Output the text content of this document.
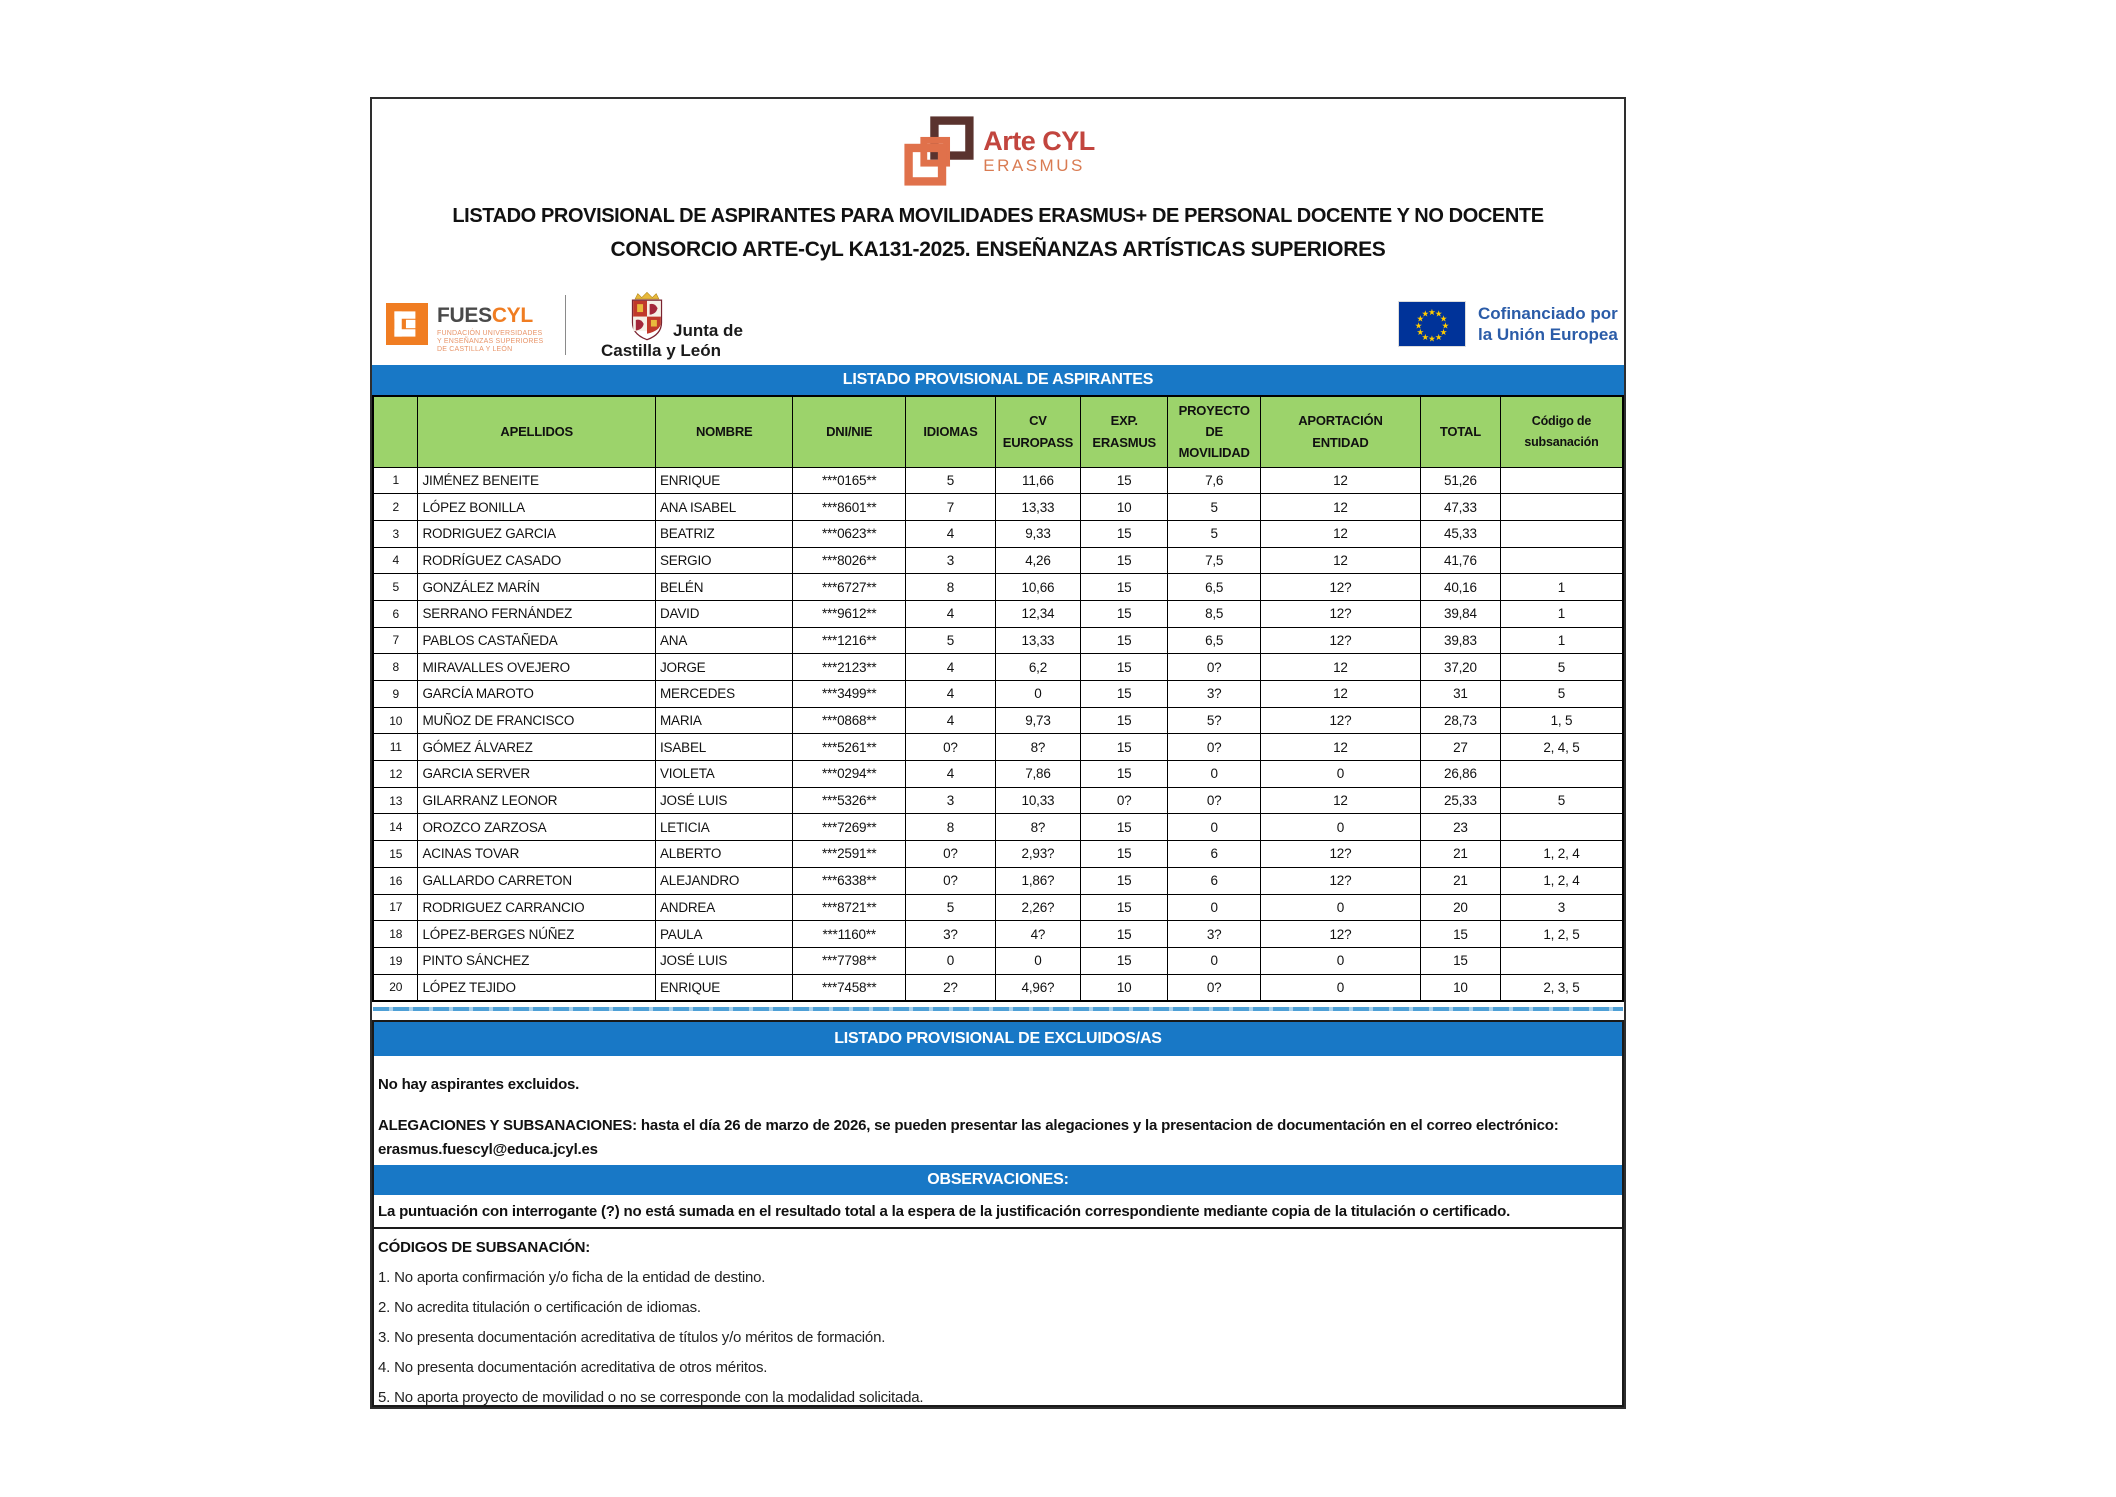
Arte CYL
ERASMUS
LISTADO PROVISIONAL DE ASPIRANTES PARA MOVILIDADES ERASMUS+ DE PERSONAL DOCENTE Y NO DOCENTE
CONSORCIO ARTE-CyL KA131-2025. ENSEÑANZAS ARTÍSTICAS SUPERIORES
FUESCYL
FUNDACIÓN UNIVERSIDADES
Y ENSEÑANZAS SUPERIORES
DE CASTILLA Y LEÓN
Junta de
Castilla y León
★ ★
★
★
★
★
★
★
★
★
★
★	Cofinanciado por
la Unión Europea
LISTADO PROVISIONAL DE ASPIRANTES
	APELLIDOS	NOMBRE	DNI/NIE	IDIOMAS	CV EUROPASS	EXP. ERASMUS	PROYECTO DE MOVILIDAD	APORTACIÓN ENTIDAD	TOTAL	Código de subsanación
1	JIMÉNEZ BENEITE	ENRIQUE	***0165**	5	11,66	15	7,6	12	51,26	
2	LÓPEZ BONILLA	ANA ISABEL	***8601**	7	13,33	10	5	12	47,33	
3	RODRIGUEZ GARCIA	BEATRIZ	***0623**	4	9,33	15	5	12	45,33	
4	RODRÍGUEZ CASADO	SERGIO	***8026**	3	4,26	15	7,5	12	41,76	
5	GONZÁLEZ MARÍN	BELÉN	***6727**	8	10,66	15	6,5	12?	40,16	1
6	SERRANO FERNÁNDEZ	DAVID	***9612**	4	12,34	15	8,5	12?	39,84	1
7	PABLOS CASTAÑEDA	ANA	***1216**	5	13,33	15	6,5	12?	39,83	1
8	MIRAVALLES OVEJERO	JORGE	***2123**	4	6,2	15	0?	12	37,20	5
9	GARCÍA MAROTO	MERCEDES	***3499**	4	0	15	3?	12	31	5
10	MUÑOZ DE FRANCISCO	MARIA	***0868**	4	9,73	15	5?	12?	28,73	1, 5
11	GÓMEZ ÁLVAREZ	ISABEL	***5261**	0?	8?	15	0?	12	27	2, 4, 5
12	GARCIA SERVER	VIOLETA	***0294**	4	7,86	15	0	0	26,86	
13	GILARRANZ LEONOR	JOSÉ LUIS	***5326**	3	10,33	0?	0?	12	25,33	5
14	OROZCO ZARZOSA	LETICIA	***7269**	8	8?	15	0	0	23	
15	ACINAS TOVAR	ALBERTO	***2591**	0?	2,93?	15	6	12?	21	1, 2, 4
16	GALLARDO CARRETON	ALEJANDRO	***6338**	0?	1,86?	15	6	12?	21	1, 2, 4
17	RODRIGUEZ CARRANCIO	ANDREA	***8721**	5	2,26?	15	0	0	20	3
18	LÓPEZ-BERGES NÚÑEZ	PAULA	***1160**	3?	4?	15	3?	12?	15	1, 2, 5
19	PINTO SÁNCHEZ	JOSÉ LUIS	***7798**	0	0	15	0	0	15	
20	LÓPEZ TEJIDO	ENRIQUE	***7458**	2?	4,96?	10	0?	0	10	2, 3, 5
LISTADO PROVISIONAL DE EXCLUIDOS/AS

No hay aspirantes excluidos.

ALEGACIONES Y SUBSANACIONES: hasta el día 26 de marzo de 2026, se pueden presentar las alegaciones y la presentacion de documentación en el correo electrónico:
erasmus.fuescyl@educa.jcyl.es

OBSERVACIONES:
La puntuación con interrogante (?) no está sumada en el resultado total a la espera de la justificación correspondiente mediante copia de la titulación o certificado.
CÓDIGOS DE SUBSANACIÓN:
1. No aporta confirmación y/o ficha de la entidad de destino.
2. No acredita titulación o certificación de idiomas.
3. No presenta documentación acreditativa de títulos y/o méritos de formación.
4. No presenta documentación acreditativa de otros méritos.
5. No aporta proyecto de movilidad o no se corresponde con la modalidad solicitada.
